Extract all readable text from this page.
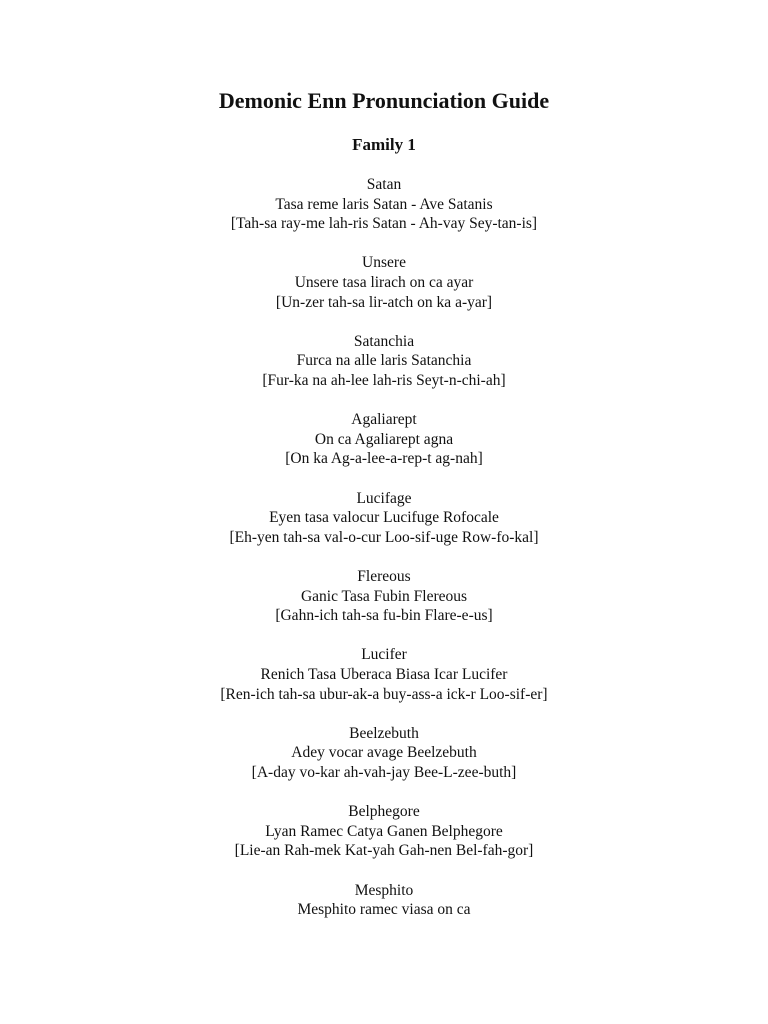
Demonic Enn Pronunciation Guide
Family 1
Satan
Tasa reme laris Satan - Ave Satanis
[Tah-sa ray-me lah-ris Satan - Ah-vay Sey-tan-is]
Unsere
Unsere tasa lirach on ca ayar
[Un-zer tah-sa lir-atch on ka a-yar]
Satanchia
Furca na alle laris Satanchia
[Fur-ka na ah-lee lah-ris Seyt-n-chi-ah]
Agaliarept
On ca Agaliarept agna
[On ka Ag-a-lee-a-rep-t ag-nah]
Lucifage
Eyen tasa valocur Lucifuge Rofocale
[Eh-yen tah-sa val-o-cur Loo-sif-uge Row-fo-kal]
Flereous
Ganic Tasa Fubin Flereous
[Gahn-ich tah-sa fu-bin Flare-e-us]
Lucifer
Renich Tasa Uberaca Biasa Icar Lucifer
[Ren-ich tah-sa ubur-ak-a buy-ass-a ick-r Loo-sif-er]
Beelzebuth
Adey vocar avage Beelzebuth
[A-day vo-kar ah-vah-jay Bee-L-zee-buth]
Belphegore
Lyan Ramec Catya Ganen Belphegore
[Lie-an Rah-mek Kat-yah Gah-nen Bel-fah-gor]
Mesphito
Mesphito ramec viasa on ca
